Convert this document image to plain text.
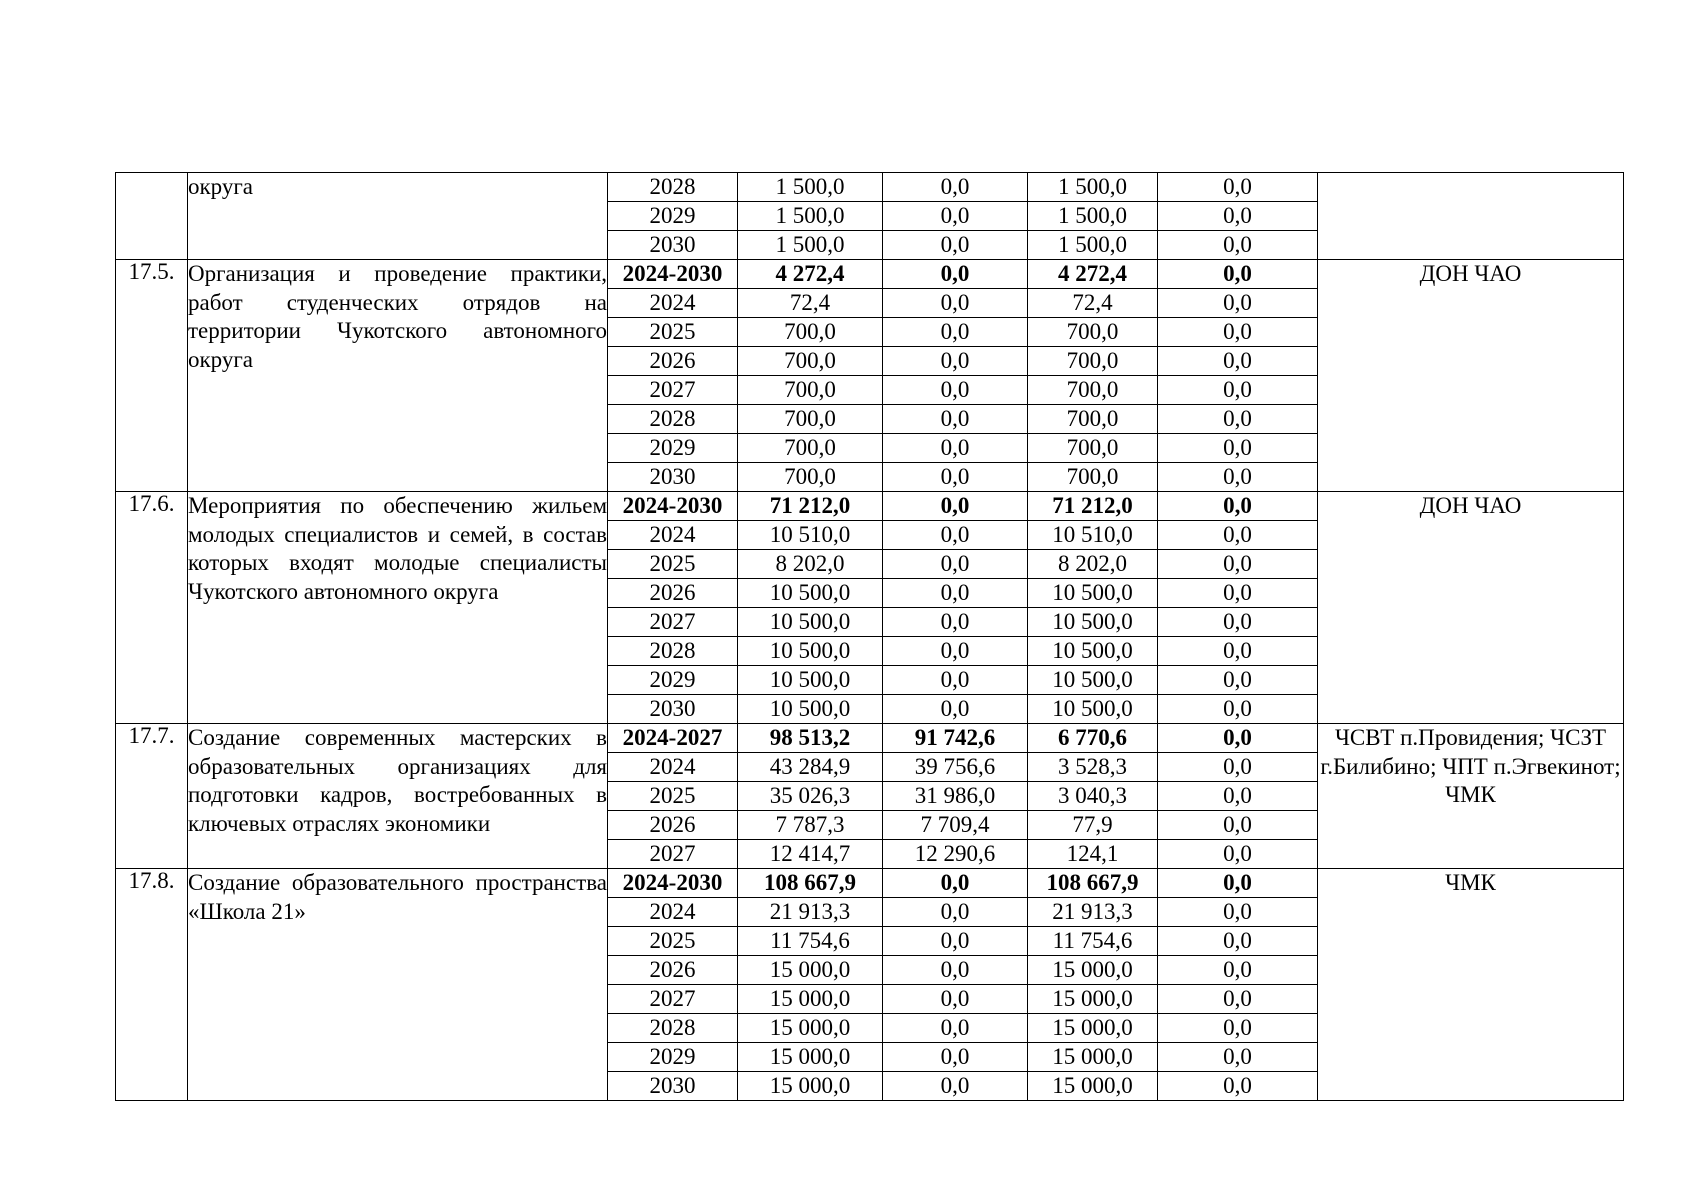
	округа	2028	1 500,0	0,0	1 500,0	0,0	
		2029	1 500,0	0,0	1 500,0	0,0	
		2030	1 500,0	0,0	1 500,0	0,0	
17.5.	Организация и проведение практики, работ студенческих отрядов на территории Чукотского автономного округа	2024-2030	4 272,4	0,0	4 272,4	0,0	ДОН ЧАО
		2024	72,4	0,0	72,4	0,0	
		2025	700,0	0,0	700,0	0,0	
		2026	700,0	0,0	700,0	0,0	
		2027	700,0	0,0	700,0	0,0	
		2028	700,0	0,0	700,0	0,0	
		2029	700,0	0,0	700,0	0,0	
		2030	700,0	0,0	700,0	0,0	
17.6.	Мероприятия по обеспечению жильем молодых специалистов и семей, в состав которых входят молодые специалисты Чукотского автономного округа	2024-2030	71 212,0	0,0	71 212,0	0,0	ДОН ЧАО
		2024	10 510,0	0,0	10 510,0	0,0	
		2025	8 202,0	0,0	8 202,0	0,0	
		2026	10 500,0	0,0	10 500,0	0,0	
		2027	10 500,0	0,0	10 500,0	0,0	
		2028	10 500,0	0,0	10 500,0	0,0	
		2029	10 500,0	0,0	10 500,0	0,0	
		2030	10 500,0	0,0	10 500,0	0,0	
17.7.	Создание современных мастерских в образовательных организациях для подготовки кадров, востребованных в ключевых отраслях экономики	2024-2027	98 513,2	91 742,6	6 770,6	0,0	ЧСВТ п.Провидения; ЧСЗТ г.Билибино; ЧПТ п.Эгвекинот; ЧМК
		2024	43 284,9	39 756,6	3 528,3	0,0	
		2025	35 026,3	31 986,0	3 040,3	0,0	
		2026	7 787,3	7 709,4	77,9	0,0	
		2027	12 414,7	12 290,6	124,1	0,0	
17.8.	Создание образовательного пространства «Школа 21»	2024-2030	108 667,9	0,0	108 667,9	0,0	ЧМК
		2024	21 913,3	0,0	21 913,3	0,0	
		2025	11 754,6	0,0	11 754,6	0,0	
		2026	15 000,0	0,0	15 000,0	0,0	
		2027	15 000,0	0,0	15 000,0	0,0	
		2028	15 000,0	0,0	15 000,0	0,0	
		2029	15 000,0	0,0	15 000,0	0,0	
		2030	15 000,0	0,0	15 000,0	0,0	
